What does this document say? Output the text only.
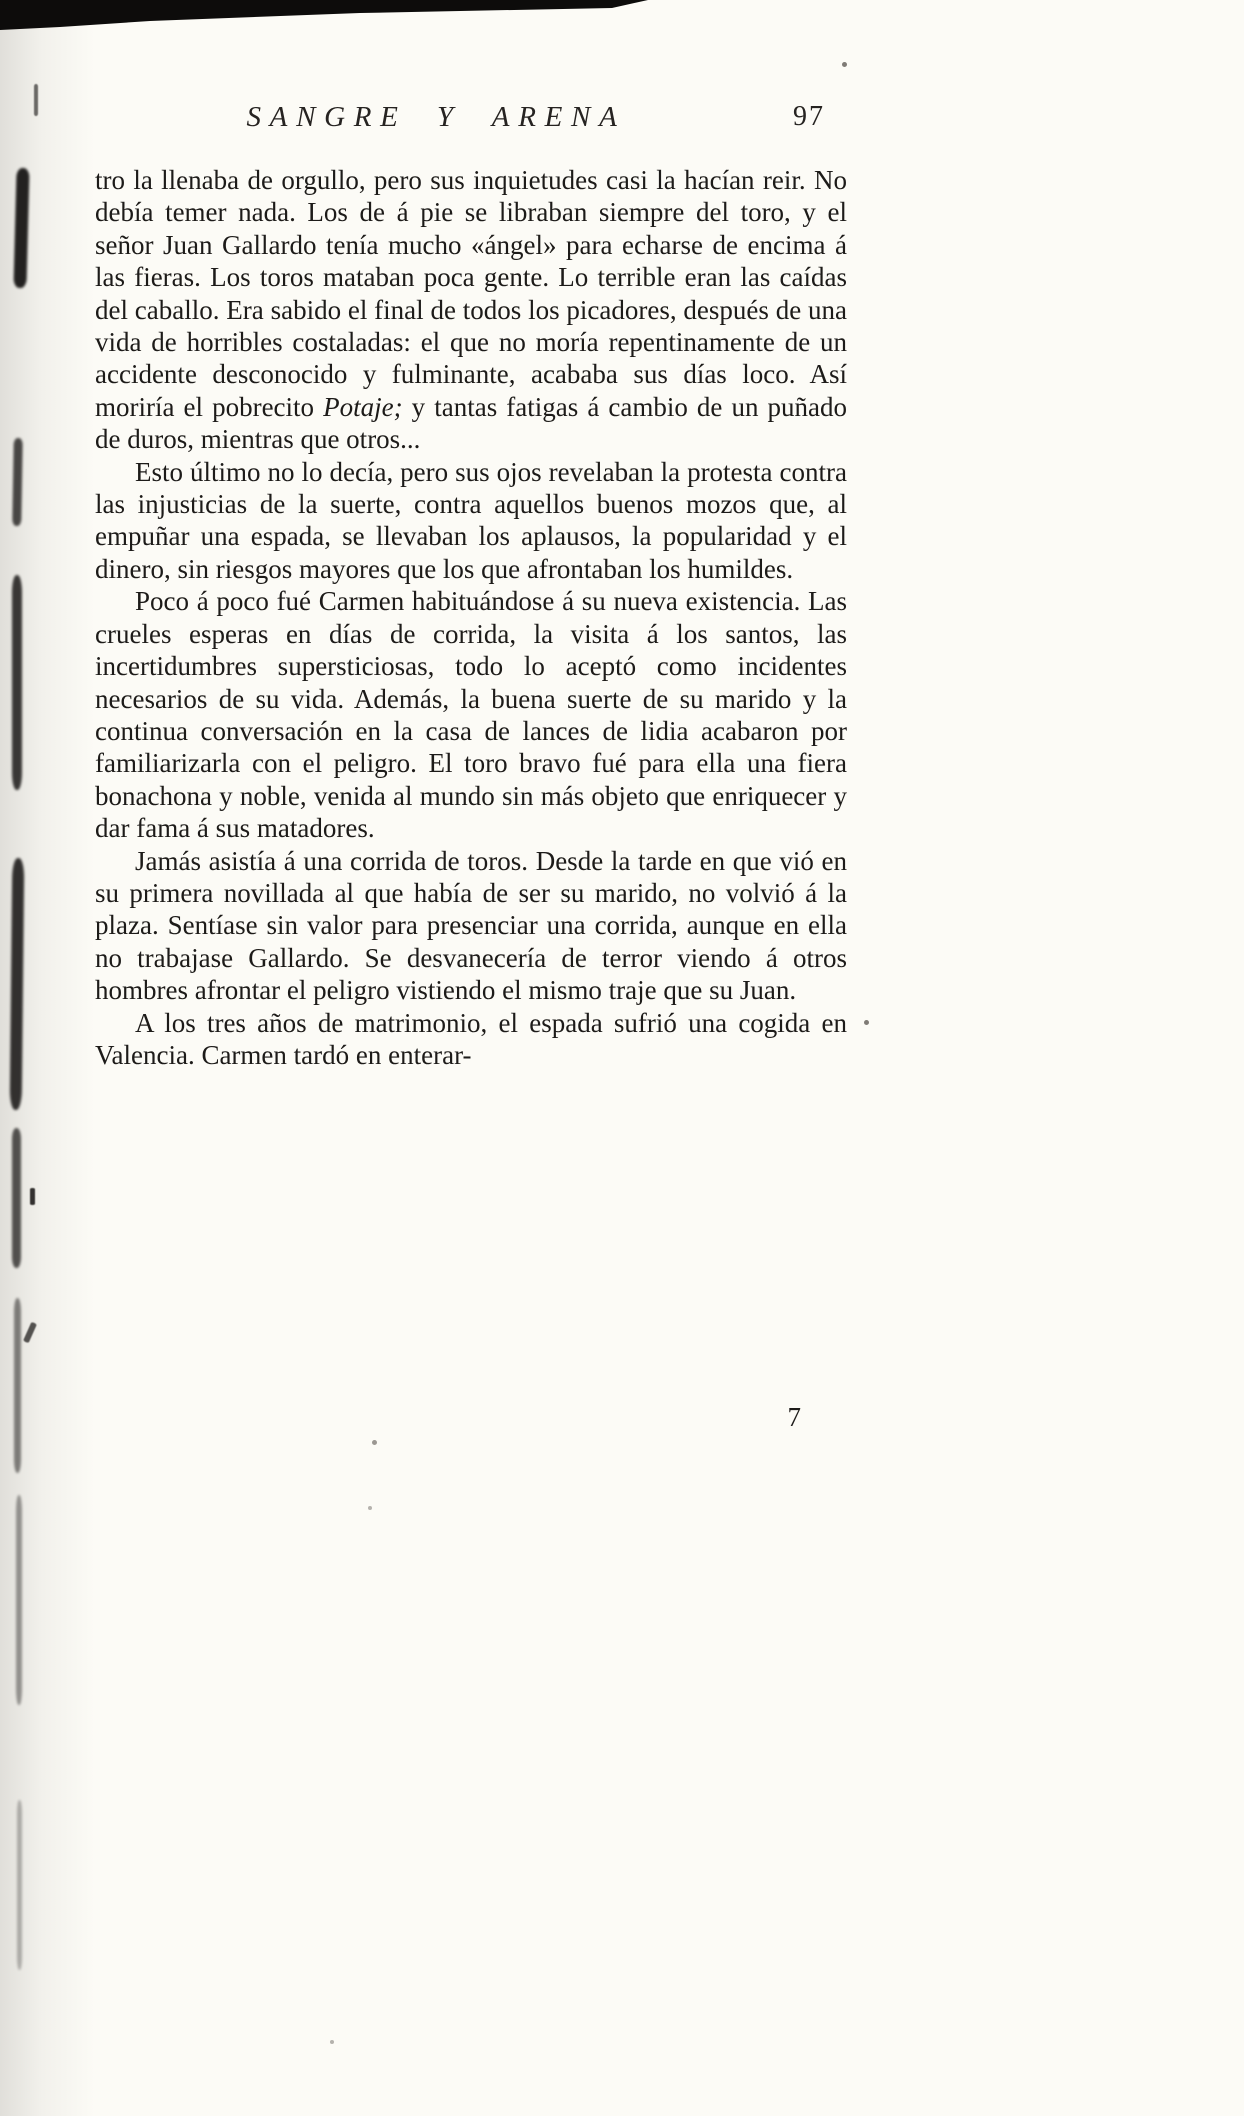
SANGRE Y ARENA	97

tro la llenaba de orgullo, pero sus inquietudes casi la hacían reir. No debía temer nada. Los de á pie se libraban siempre del toro, y el señor Juan Gallardo tenía mucho «ángel» para echarse de encima á las fieras. Los toros mataban poca gente. Lo terrible eran las caídas del caballo. Era sabido el final de todos los picadores, después de una vida de horribles costaladas: el que no moría repentinamente de un accidente desconocido y fulminante, acababa sus días loco. Así moriría el pobrecito Potaje; y tantas fatigas á cambio de un puñado de duros, mientras que otros...

Esto último no lo decía, pero sus ojos revelaban la protesta contra las injusticias de la suerte, contra aquellos buenos mozos que, al empuñar una espada, se llevaban los aplausos, la popularidad y el dinero, sin riesgos mayores que los que afrontaban los humildes.

Poco á poco fué Carmen habituándose á su nueva existencia. Las crueles esperas en días de corrida, la visita á los santos, las incertidumbres supersticiosas, todo lo aceptó como incidentes necesarios de su vida. Además, la buena suerte de su marido y la continua conversación en la casa de lances de lidia acabaron por familiarizarla con el peligro. El toro bravo fué para ella una fiera bonachona y noble, venida al mundo sin más objeto que enriquecer y dar fama á sus matadores.

Jamás asistía á una corrida de toros. Desde la tarde en que vió en su primera novillada al que había de ser su marido, no volvió á la plaza. Sentíase sin valor para presenciar una corrida, aunque en ella no trabajase Gallardo. Se desvanecería de terror viendo á otros hombres afrontar el peligro vistiendo el mismo traje que su Juan.

A los tres años de matrimonio, el espada sufrió una cogida en Valencia. Carmen tardó en enterar-

7
